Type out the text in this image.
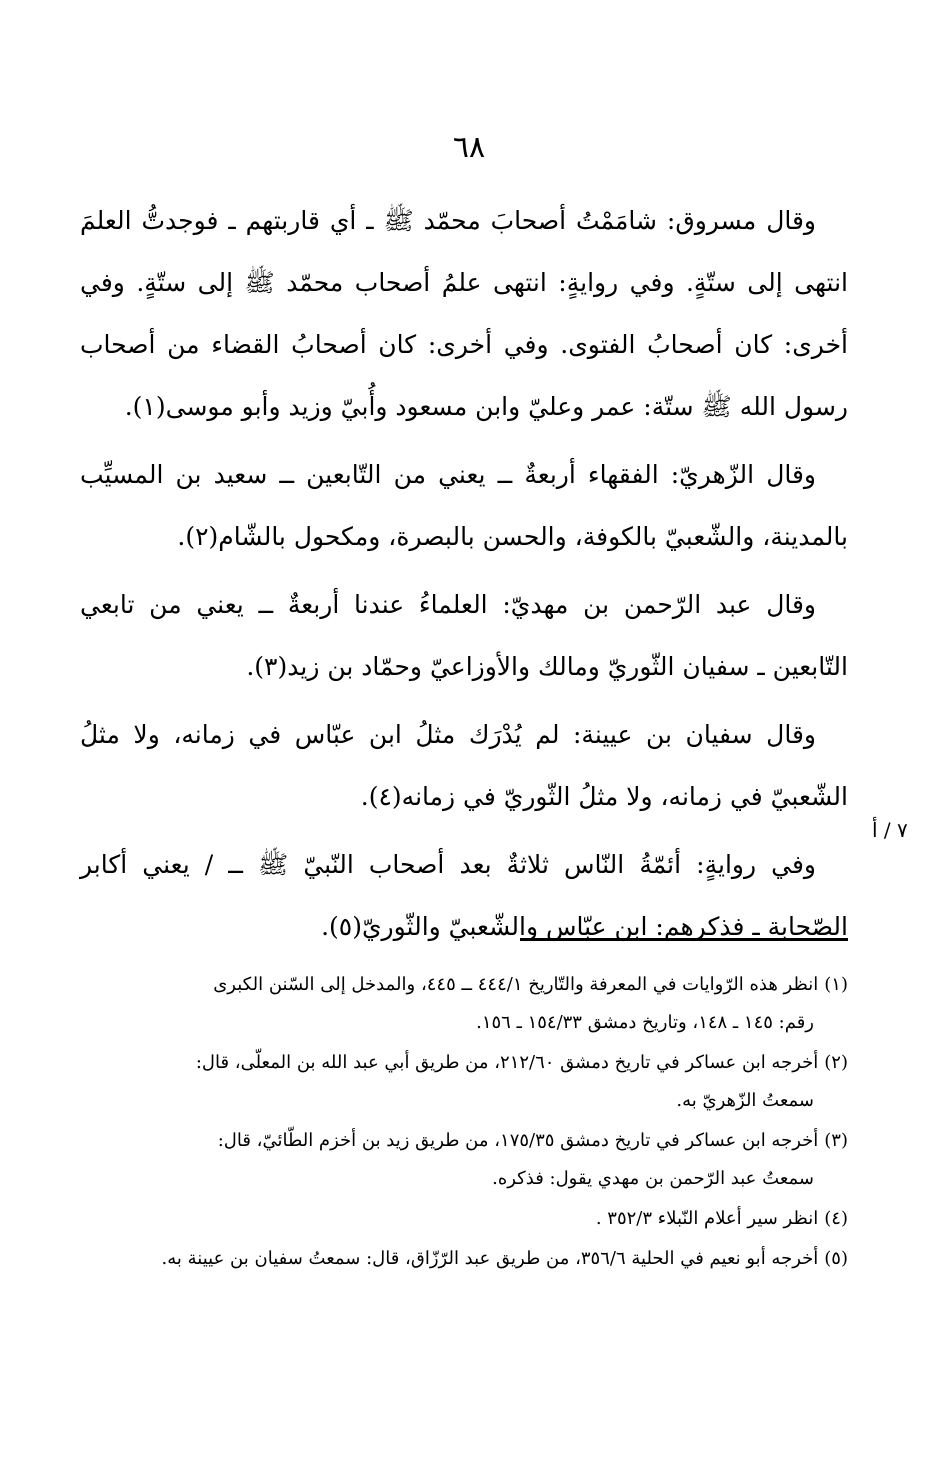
٦٨
٧ / أ

وقال مسروق: شامَمْتُ أصحابَ محمّد ﷺ ـ أي قاربتهم ـ فوجدتُّ العلمَ انتهى إلى ستّةٍ. وفي روايةٍ: انتهى علمُ أصحاب محمّد ﷺ إلى ستّةٍ. وفي أخرى: كان أصحابُ الفتوى. وفي أخرى: كان أصحابُ القضاء من أصحاب رسول الله ﷺ ستّة: عمر وعليّ وابن مسعود وأُبيّ وزيد وأبو موسى(١).

وقال الزّهريّ: الفقهاء أربعةٌ ــ يعني من التّابعين ــ سعيد بن المسيِّب بالمدينة، والشّعبيّ بالكوفة، والحسن بالبصرة، ومكحول بالشّام(٢).

وقال عبد الرّحمن بن مهديّ: العلماءُ عندنا أربعةٌ ــ يعني من تابعي التّابعين ـ سفيان الثّوريّ ومالك والأوزاعيّ وحمّاد بن زيد(٣).

وقال سفيان بن عيينة: لم يُدْرَك مثلُ ابن عبّاس في زمانه، ولا مثلُ الشّعبيّ في زمانه، ولا مثلُ الثّوريّ في زمانه(٤).

وفي روايةٍ: أئمّةُ النّاس ثلاثةٌ بعد أصحاب النّبيّ ﷺ ــ / يعني أكابر الصّحابة ـ فذكرهم: ابن عبّاس والشّعبيّ والثّوريّ(٥).

(١)انظر هذه الرّوايات في المعرفة والتّاريخ ٤٤٤/١ ــ ٤٤٥، والمدخل إلى السّنن الكبرى
رقم: ١٤٥ ـ ١٤٨، وتاريخ دمشق ١٥٤/٣٣ ـ ١٥٦.
(٢)أخرجه ابن عساكر في تاريخ دمشق ٢١٢/٦٠، من طريق أبي عبد الله بن المعلّى، قال:
سمعتُ الزّهريّ به.
(٣)أخرجه ابن عساكر في تاريخ دمشق ١٧٥/٣٥، من طريق زيد بن أخزم الطّائيّ، قال:
سمعتُ عبد الرّحمن بن مهدي يقول: فذكره.
(٤)انظر سير أعلام النّبلاء ٣٥٢/٣ .
(٥)أخرجه أبو نعيم في الحلية ٣٥٦/٦، من طريق عبد الرّزّاق، قال: سمعتُ سفيان بن عيينة به.
